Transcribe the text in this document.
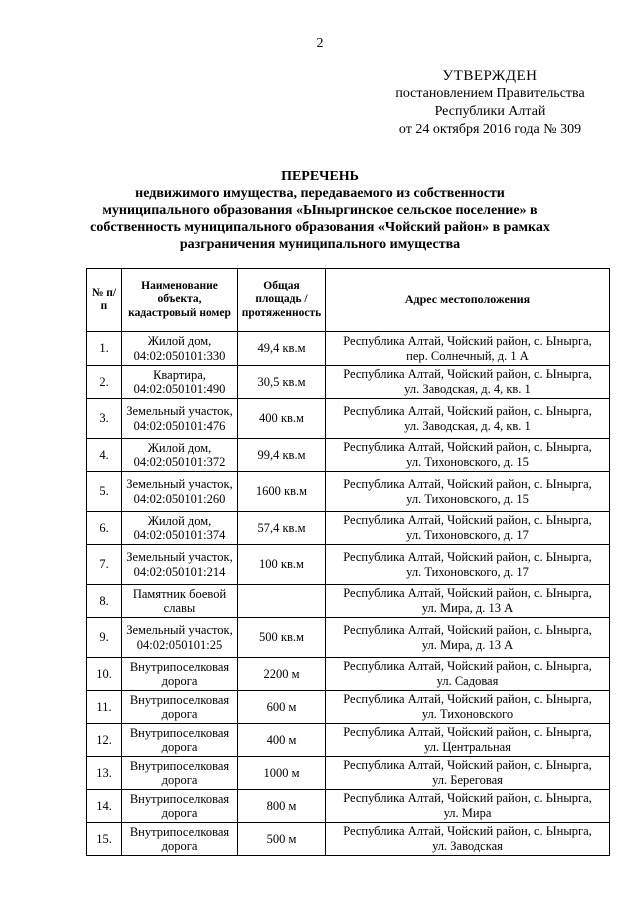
2
УТВЕРЖДЕН
постановлением Правительства
Республики Алтай
от 24 октября 2016 года № 309
ПЕРЕЧЕНЬ
недвижимого имущества, передаваемого из собственности
муниципального образования «Ыныргинское сельское поселение» в
собственность муниципального образования «Чойский район» в рамках
разграничения муниципального имущества
№ п/п	Наименование объекта, кадастровый номер	Общая площадь / протяженность	Адрес местоположения
1.	Жилой дом, 04:02:050101:330	49,4 кв.м	Республика Алтай, Чойский район, с. Ынырга,
пер. Солнечный, д. 1 А

2.	Квартира, 04:02:050101:490	30,5 кв.м	Республика Алтай, Чойский район, с. Ынырга,
ул. Заводская, д. 4, кв. 1

3.	Земельный участок, 04:02:050101:476	400 кв.м	Республика Алтай, Чойский район, с. Ынырга,
ул. Заводская, д. 4, кв. 1

4.	Жилой дом, 04:02:050101:372	99,4 кв.м	Республика Алтай, Чойский район, с. Ынырга,
ул. Тихоновского, д. 15

5.	Земельный участок, 04:02:050101:260	1600 кв.м	Республика Алтай, Чойский район, с. Ынырга,
ул. Тихоновского, д. 15

6.	Жилой дом, 04:02:050101:374	57,4 кв.м	Республика Алтай, Чойский район, с. Ынырга,
ул. Тихоновского, д. 17

7.	Земельный участок, 04:02:050101:214	100 кв.м	Республика Алтай, Чойский район, с. Ынырга,
ул. Тихоновского, д. 17

8.	Памятник боевой славы		Республика Алтай, Чойский район, с. Ынырга,
ул. Мира, д. 13 А

9.	Земельный участок, 04:02:050101:25	500 кв.м	Республика Алтай, Чойский район, с. Ынырга,
ул. Мира, д. 13 А

10.	Внутрипоселковая дорога	2200 м	Республика Алтай, Чойский район, с. Ынырга,
ул. Садовая

11.	Внутрипоселковая дорога	600 м	Республика Алтай, Чойский район, с. Ынырга,
ул. Тихоновского

12.	Внутрипоселковая дорога	400 м	Республика Алтай, Чойский район, с. Ынырга,
ул. Центральная

13.	Внутрипоселковая дорога	1000 м	Республика Алтай, Чойский район, с. Ынырга,
ул. Береговая

14.	Внутрипоселковая дорога	800 м	Республика Алтай, Чойский район, с. Ынырга,
ул. Мира

15.	Внутрипоселковая дорога	500 м	Республика Алтай, Чойский район, с. Ынырга,
ул. Заводская
